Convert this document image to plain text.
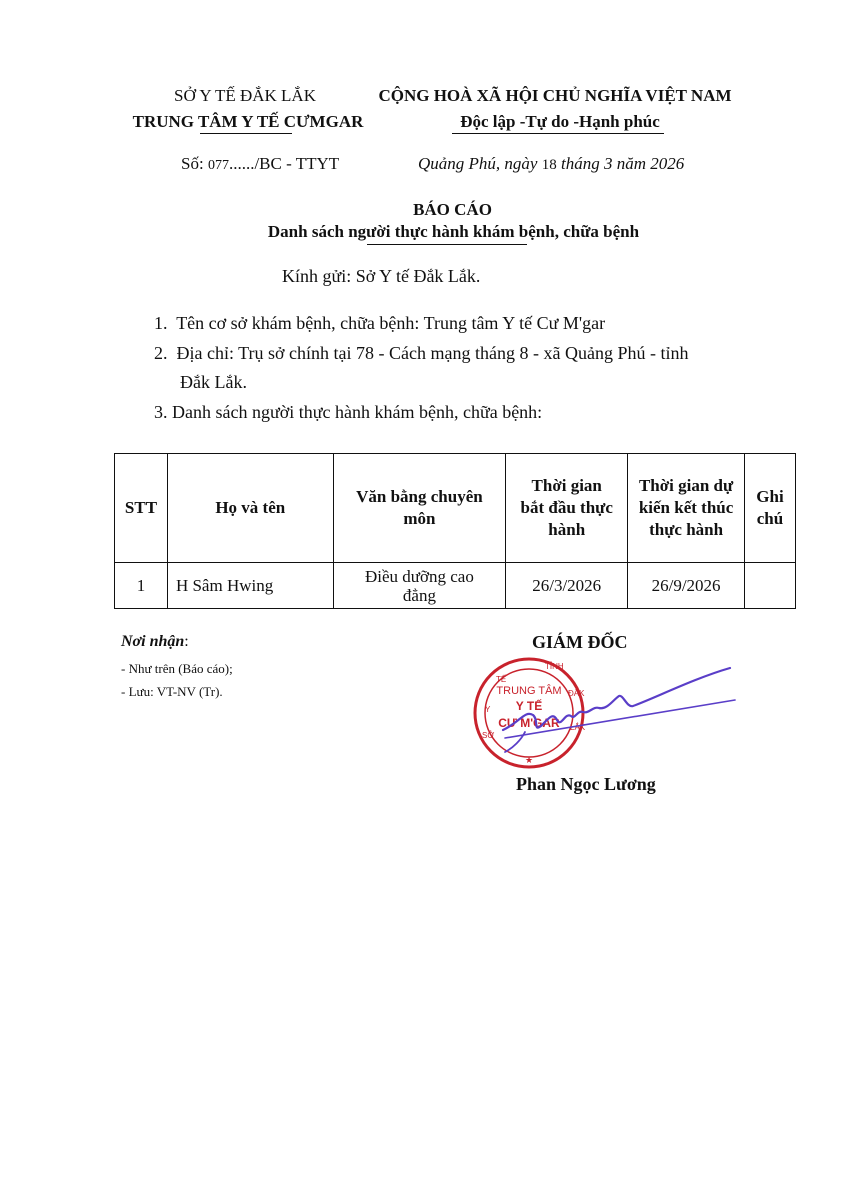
SỞ Y TẾ ĐẮK LẮK
TRUNG TÂM Y TẾ CƯMGAR
CỘNG HOÀ XÃ HỘI CHỦ NGHĨA VIỆT NAM
Độc lập -Tự do -Hạnh phúc
Số: 077....../BC - TTYT	Quảng Phú, ngày 18 tháng 3 năm 2026
BÁO CÁO
Danh sách người thực hành khám bệnh, chữa bệnh
Kính gửi: Sở Y tế Đắk Lắk.
1. Tên cơ sở khám bệnh, chữa bệnh: Trung tâm Y tế Cư M'gar
2. Địa chỉ: Trụ sở chính tại 78 - Cách mạng tháng 8 - xã Quảng Phú - tỉnh
Đắk Lắk.
3. Danh sách người thực hành khám bệnh, chữa bệnh:
STT	Họ và tên	Văn bằng chuyên môn	Thời gian bắt đầu thực hành	Thời gian dự kiến kết thúc thực hành	Ghi chú
1	H Sâm Hwing	Điều dưỡng cao đẳng	26/3/2026	26/9/2026	
Nơi nhận:
- Như trên (Báo cáo);
- Lưu: VT-NV (Tr).
GIÁM ĐỐC
TRUNG TÂM
Y TẾ
CƯ M'GAR
TỈNH
ĐẮK
LẮK
SỞ
Y
TẾ
★
Phan Ngọc Lương
